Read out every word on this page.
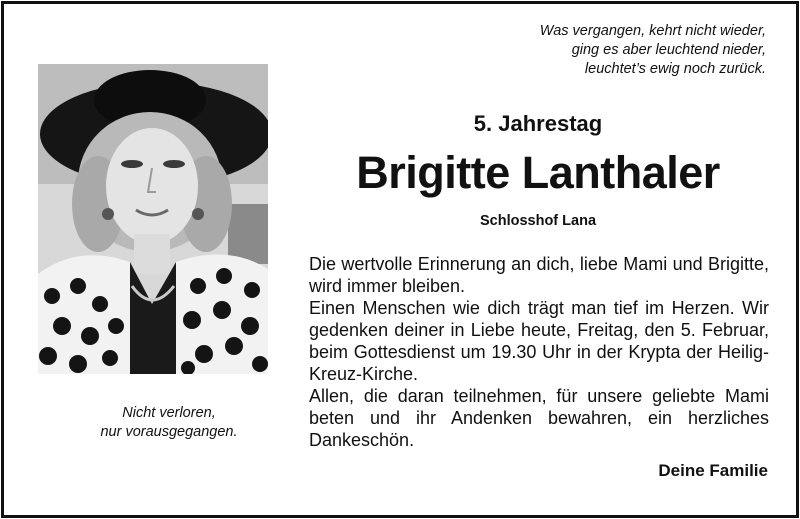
Was vergangen, kehrt nicht wieder,
ging es aber leuchtend nieder,
leuchtet’s ewig noch zurück.
Nicht verloren,
nur vorausgegangen.
5. Jahrestag
Brigitte Lanthaler
Schlosshof Lana
Die wertvolle Erinnerung an dich, liebe Mami und Brigitte, wird immer bleiben.
Einen Menschen wie dich trägt man tief im Herzen. Wir gedenken deiner in Liebe heute, Freitag, den 5. Februar, beim Gottesdienst um 19.30 Uhr in der Krypta der Heilig-Kreuz-Kirche.
Allen, die daran teilnehmen, für unsere geliebte Mami beten und ihr Andenken bewahren, ein herzliches Dankeschön.
Deine Familie
